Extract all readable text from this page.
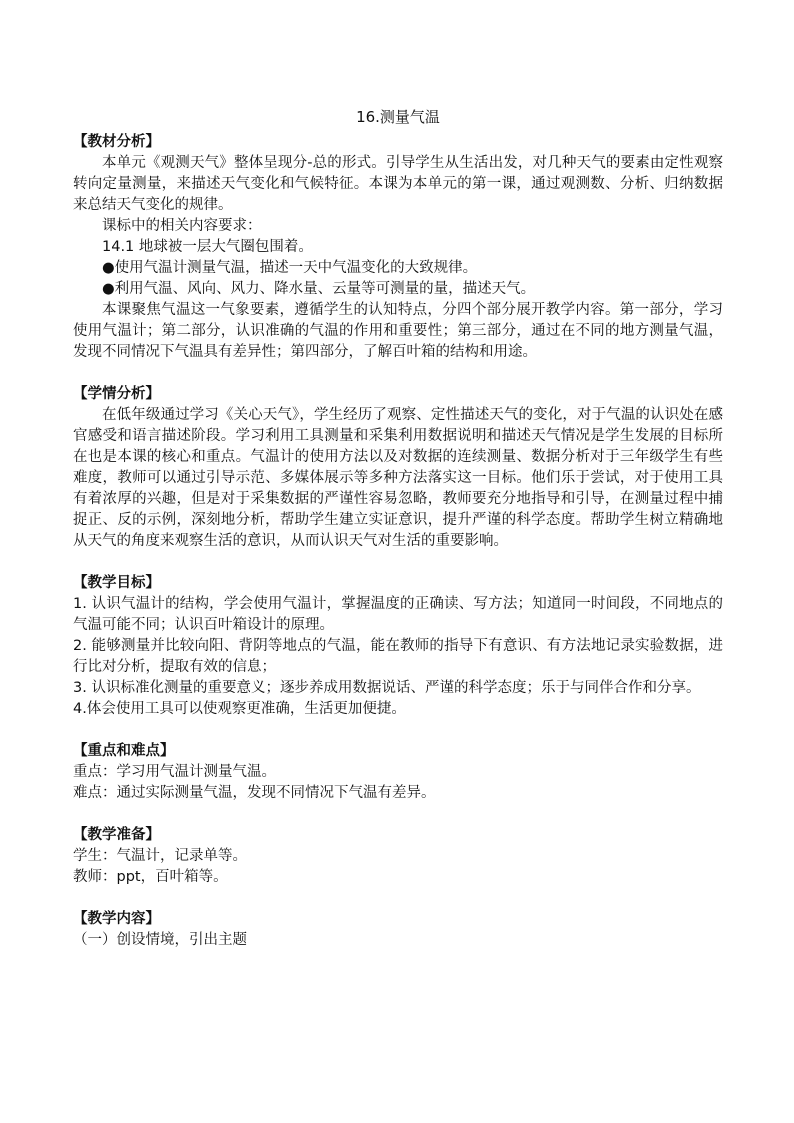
16.测量气温

【教材分析】

本单元《观测天气》整体呈现分-总的形式。引导学生从生活出发，对几种天气的要素由定性观察转向定量测量，来描述天气变化和气候特征。本课为本单元的第一课，通过观测数、分析、归纳数据来总结天气变化的规律。

课标中的相关内容要求：

14.1 地球被一层大气圈包围着。

●使用气温计测量气温，描述一天中气温变化的大致规律。

●利用气温、风向、风力、降水量、云量等可测量的量，描述天气。

本课聚焦气温这一气象要素，遵循学生的认知特点，分四个部分展开教学内容。第一部分，学习使用气温计；第二部分，认识准确的气温的作用和重要性；第三部分，通过在不同的地方测量气温，发现不同情况下气温具有差异性；第四部分，了解百叶箱的结构和用途。

【学情分析】

在低年级通过学习《关心天气》，学生经历了观察、定性描述天气的变化，对于气温的认识处在感官感受和语言描述阶段。学习利用工具测量和采集利用数据说明和描述天气情况是学生发展的目标所在也是本课的核心和重点。气温计的使用方法以及对数据的连续测量、数据分析对于三年级学生有些难度，教师可以通过引导示范、多媒体展示等多种方法落实这一目标。他们乐于尝试，对于使用工具有着浓厚的兴趣，但是对于采集数据的严谨性容易忽略，教师要充分地指导和引导，在测量过程中捕捉正、反的示例，深刻地分析，帮助学生建立实证意识，提升严谨的科学态度。帮助学生树立精确地从天气的角度来观察生活的意识，从而认识天气对生活的重要影响。

【教学目标】

1. 认识气温计的结构，学会使用气温计，掌握温度的正确读、写方法；知道同一时间段，不同地点的气温可能不同；认识百叶箱设计的原理。

2. 能够测量并比较向阳、背阴等地点的气温，能在教师的指导下有意识、有方法地记录实验数据，进行比对分析，提取有效的信息；

3. 认识标准化测量的重要意义；逐步养成用数据说话、严谨的科学态度；乐于与同伴合作和分享。

4.体会使用工具可以使观察更准确，生活更加便捷。

【重点和难点】

重点：学习用气温计测量气温。

难点：通过实际测量气温，发现不同情况下气温有差异。

【教学准备】

学生：气温计，记录单等。

教师：ppt，百叶箱等。

【教学内容】

（一）创设情境，引出主题
